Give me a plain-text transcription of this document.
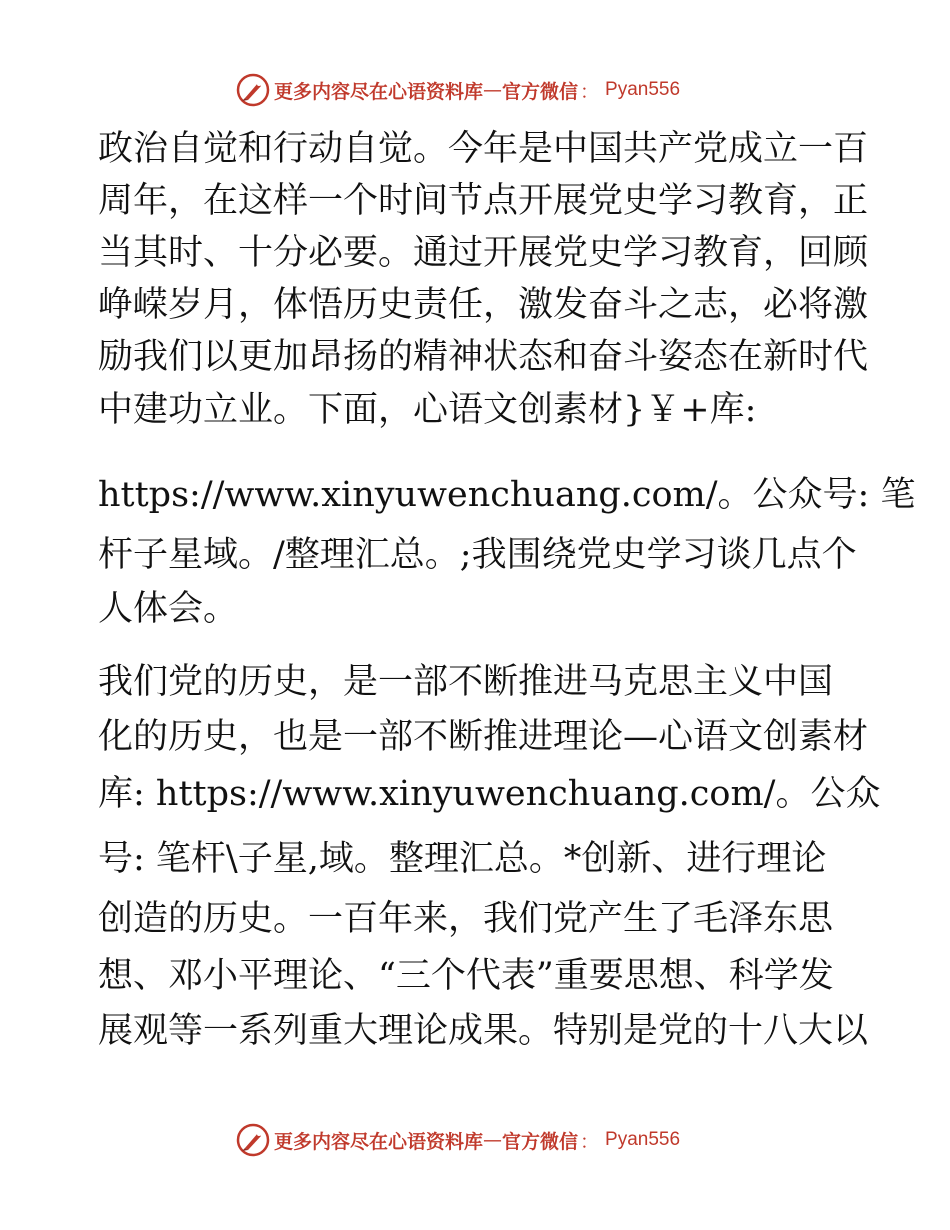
更多内容尽在心语资料库 — 官方微信 ： Pyan556
政治自觉和行动自觉。今年是中国共产党成立一百
周年，在这样一个时间节点开展党史学习教育，正
当其时、十分必要。通过开展党史学习教育，回顾
峥嵘岁月，体悟历史责任，激发奋斗之志，必将激
励我们以更加昂扬的精神状态和奋斗姿态在新时代
中建功立业。下面，心语文创素材}￥+库:
https://www.xinyuwenchuang.com/。公众号: 笔
杆子星域。/整理汇总。;我围绕党史学习谈几点个
人体会。
我们党的历史，是一部不断推进马克思主义中国
化的历史，也是一部不断推进理论—心语文创素材
库: https://www.xinyuwenchuang.com/。公众
号: 笔杆\子星,域。整理汇总。*创新、进行理论
创造的历史。一百年来，我们党产生了毛泽东思
想、邓小平理论、“三个代表”重要思想、科学发
展观等一系列重大理论成果。特别是党的十八大以
更多内容尽在心语资料库 — 官方微信 ： Pyan556
